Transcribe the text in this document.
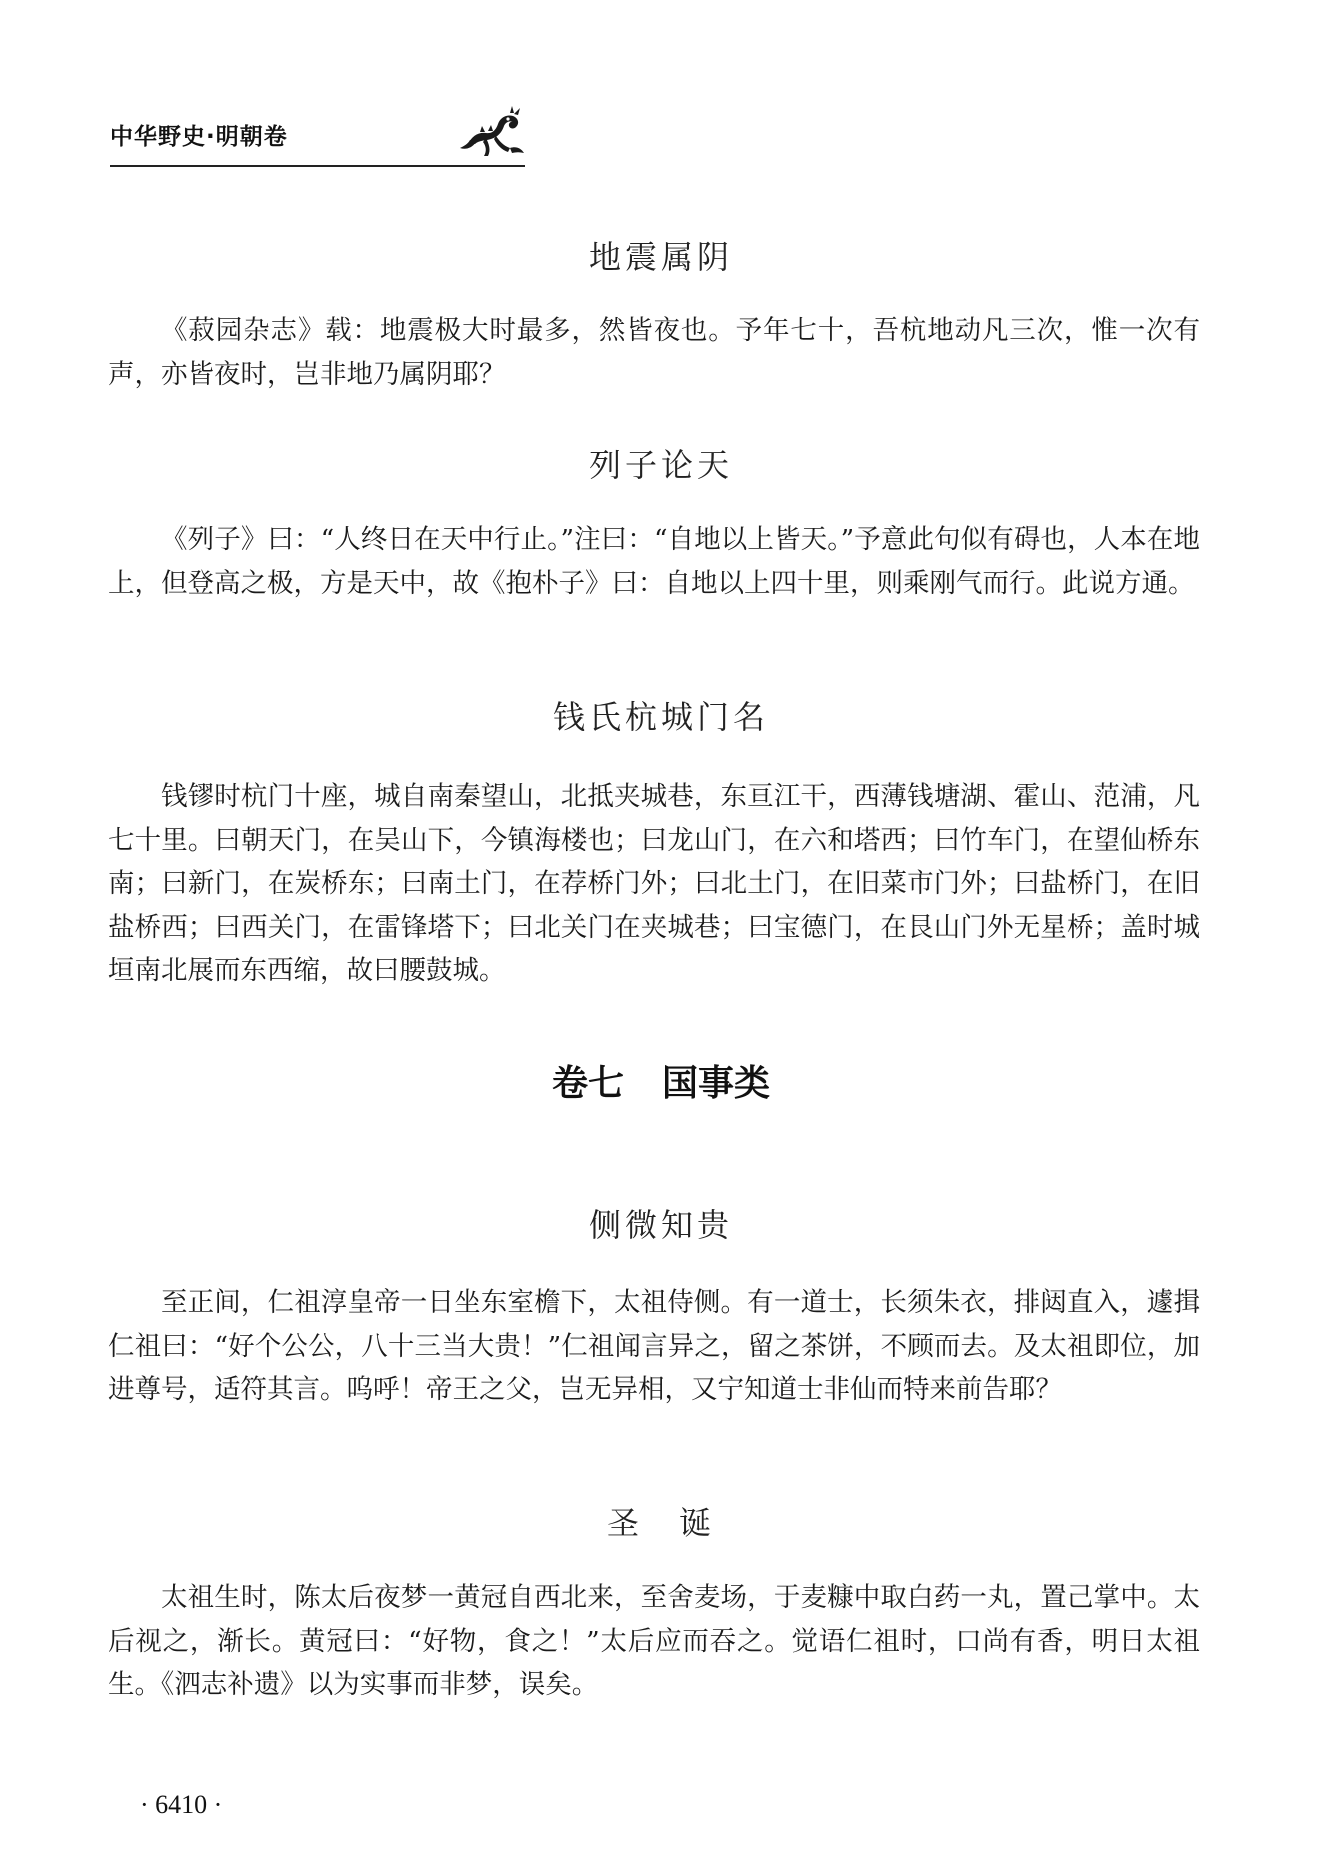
中华野史·明朝卷
地震属阴

《菽园杂志》载：地震极大时最多，然皆夜也。予年七十，吾杭地动凡三次，惟一次有声，亦皆夜时，岂非地乃属阴耶？

列子论天

《列子》曰：“人终日在天中行止。”注曰：“自地以上皆天。”予意此句似有碍也，人本在地上，但登高之极，方是天中，故《抱朴子》曰：自地以上四十里，则乘刚气而行。此说方通。

钱氏杭城门名

钱镠时杭门十座，城自南秦望山，北抵夹城巷，东亘江干，西薄钱塘湖、霍山、范浦，凡七十里。曰朝天门，在吴山下，今镇海楼也；曰龙山门，在六和塔西；曰竹车门，在望仙桥东南；曰新门，在炭桥东；曰南土门，在荐桥门外；曰北土门，在旧菜市门外；曰盐桥门，在旧盐桥西；曰西关门，在雷锋塔下；曰北关门在夹城巷；曰宝德门，在艮山门外无星桥；盖时城垣南北展而东西缩，故曰腰鼓城。

卷七 国事类
侧微知贵

至正间，仁祖淳皇帝一日坐东室檐下，太祖侍侧。有一道士，长须朱衣，排闼直入，遽揖仁祖曰：“好个公公，八十三当大贵！”仁祖闻言异之，留之茶饼，不顾而去。及太祖即位，加进尊号，适符其言。呜呼！帝王之父，岂无异相，又宁知道士非仙而特来前告耶？

圣　诞

太祖生时，陈太后夜梦一黄冠自西北来，至舍麦场，于麦糠中取白药一丸，置己掌中。太后视之，渐长。黄冠曰：“好物，食之！”太后应而吞之。觉语仁祖时，口尚有香，明日太祖生。《泗志补遗》以为实事而非梦，误矣。

· 6410 ·
